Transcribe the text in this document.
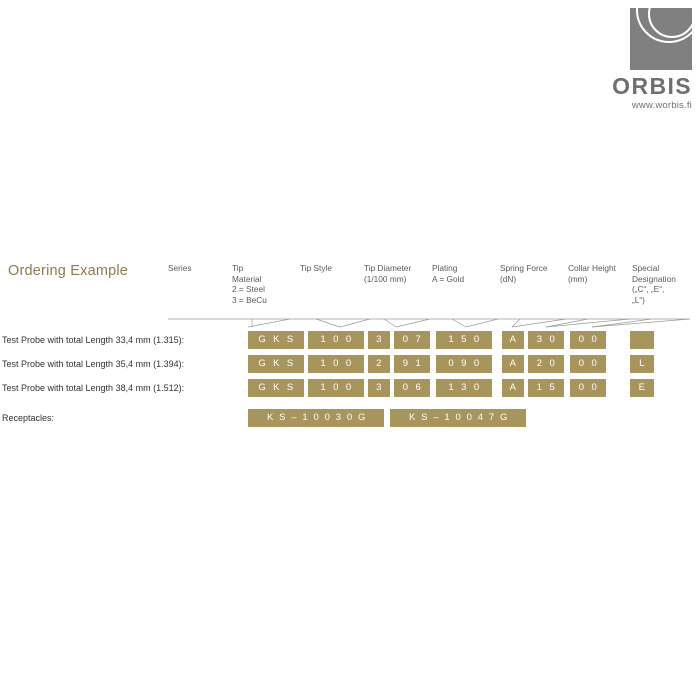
ORBIS
www.worbis.fi
Ordering Example	Series	Tip
Material
2 = Steel
3 = BeCu
Tip Style	Tip Diameter
(1/100 mm)
Plating
A = Gold
Spring Force
(dN)
Collar Height
(mm)
Special
Designation
(„C“, „E“,
„L“)
Test Probe with total Length 33,4 mm (1.315):	G K S	1 0 0	3	0 7	1 5 0	A	3 0	0 0
Test Probe with total Length 35,4 mm (1.394):	G K S	1 0 0	2	9 1	0 9 0	A	2 0	0 0	L
Test Probe with total Length 38,4 mm (1.512):	G K S	1 0 0	3	0 6	1 3 0	A	1 5	0 0	E
Receptacles:	K S – 1 0 0 3 0 G	K S – 1 0 0 4 7 G
